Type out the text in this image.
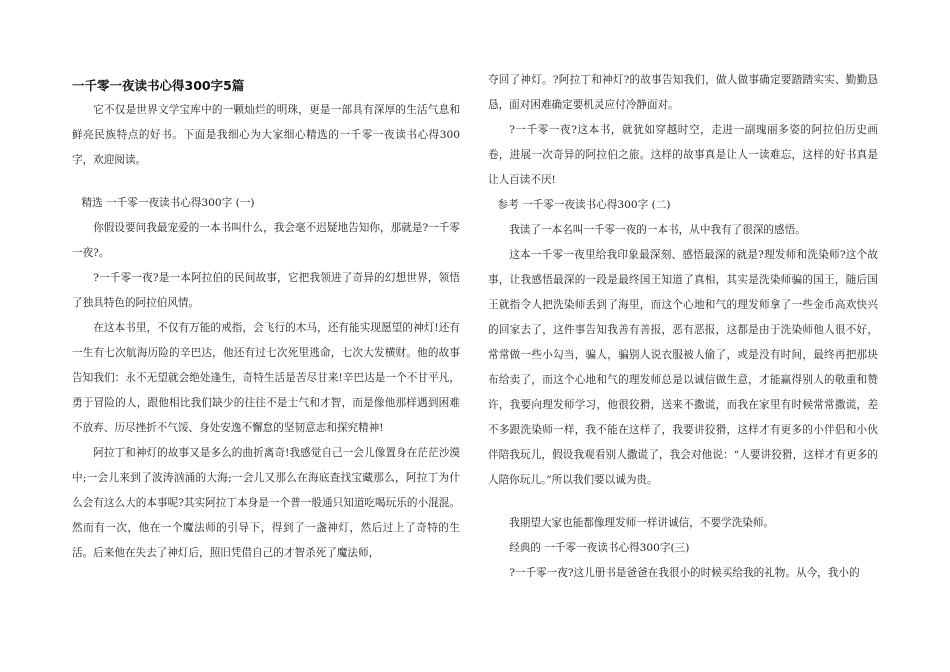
一千零一夜读书心得300字5篇

它不仅是世界文学宝库中的一颗灿烂的明珠，更是一部具有深厚的生活气息和鲜亮民族特点的好书。下面是我细心为大家细心精选的一千零一夜读书心得300字，欢迎阅读。

精选 一千零一夜读书心得300字 (一)

你假设要问我最宠爱的一本书叫什么，我会毫不迟疑地告知你，那就是?一千零一夜?。

?一千零一夜?是一本阿拉伯的民间故事，它把我领进了奇异的幻想世界，领悟了独具特色的阿拉伯风情。

在这本书里，不仅有万能的戒指，会飞行的木马，还有能实现愿望的神灯!还有一生有七次航海历险的辛巴达，他还有过七次死里逃命，七次大发横财。他的故事告知我们：永不无望就会绝处逢生，奇特生活是苦尽甘来!辛巴达是一个不甘平凡，勇于冒险的人，跟他相比我们缺少的往往不是士气和才智，而是像他那样遇到困难不放弃、历尽挫折不气馁、身处安逸不懈怠的坚韧意志和探究精神!

阿拉丁和神灯的故事又是多么的曲折离奇!我感觉自己一会儿像置身在茫茫沙漠中;一会儿来到了波涛汹涌的大海;一会儿又那么在海底查找宝藏那么，阿拉丁为什么会有这么大的本事呢?其实阿拉丁本身是一个普一般通只知道吃喝玩乐的小混混。然而有一次，他在一个魔法师的引导下，得到了一盏神灯，然后过上了奇特的生活。后来他在失去了神灯后，照旧凭借自己的才智杀死了魔法师，

夺回了神灯。?阿拉丁和神灯?的故事告知我们，做人做事确定要踏踏实实、勤勤恳恳，面对困难确定要机灵应付冷静面对。

?一千零一夜?这本书，就犹如穿越时空，走进一副瑰丽多姿的阿拉伯历史画卷，进展一次奇异的阿拉伯之旅。这样的故事真是让人一读难忘，这样的好书真是让人百读不厌!

参考 一千零一夜读书心得300字 (二)

我读了一本名叫一千零一夜的一本书，从中我有了很深的感悟。

这本一千零一夜里给我印象最深刻、感悟最深的就是?理发师和洗染师?这个故事，让我感悟最深的一段是最终国王知道了真相，其实是洗染师骗的国王，随后国王就指令人把洗染师丢到了海里，而这个心地和气的理发师拿了一些金币高欢快兴的回家去了，这件事告知我善有善报，恶有恶报，这都是由于洗染师他人很不好，常常做一些小勾当，骗人，骗别人说衣服被人偷了，或是没有时间，最终再把那块布给卖了，而这个心地和气的理发师总是以诚信做生意，才能赢得别人的敬重和赞许，我要向理发师学习，他很狡猾，送来不撒谎，而我在家里有时候常常撒谎，差不多跟洗染师一样，我不能在这样了，我要讲狡猾，这样才有更多的小伴侣和小伙伴陪我玩儿，假设我观看别人撒谎了，我会对他说：“人要讲狡猾，这样才有更多的人陪你玩儿。”所以我们要以诚为贵。

我期望大家也能都像理发师一样讲诚信，不要学洗染师。

经典的 一千零一夜读书心得300字(三)

?一千零一夜?这儿册书是爸爸在我很小的时候买给我的礼物。从今，我小的
